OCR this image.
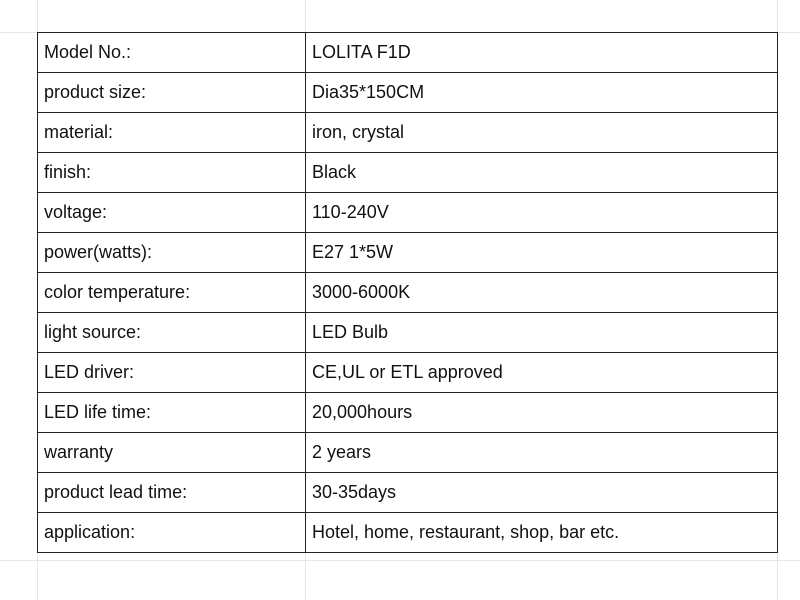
Model No.:	LOLITA F1D
product size:	Dia35*150CM
material:	iron, crystal
finish:	Black
voltage:	110-240V
power(watts):	E27 1*5W
color temperature:	3000-6000K
light source:	LED Bulb
LED driver:	CE,UL or ETL approved
LED life time:	20,000hours
warranty	2 years
product lead time:	30-35days
application:	Hotel, home, restaurant, shop, bar etc.
